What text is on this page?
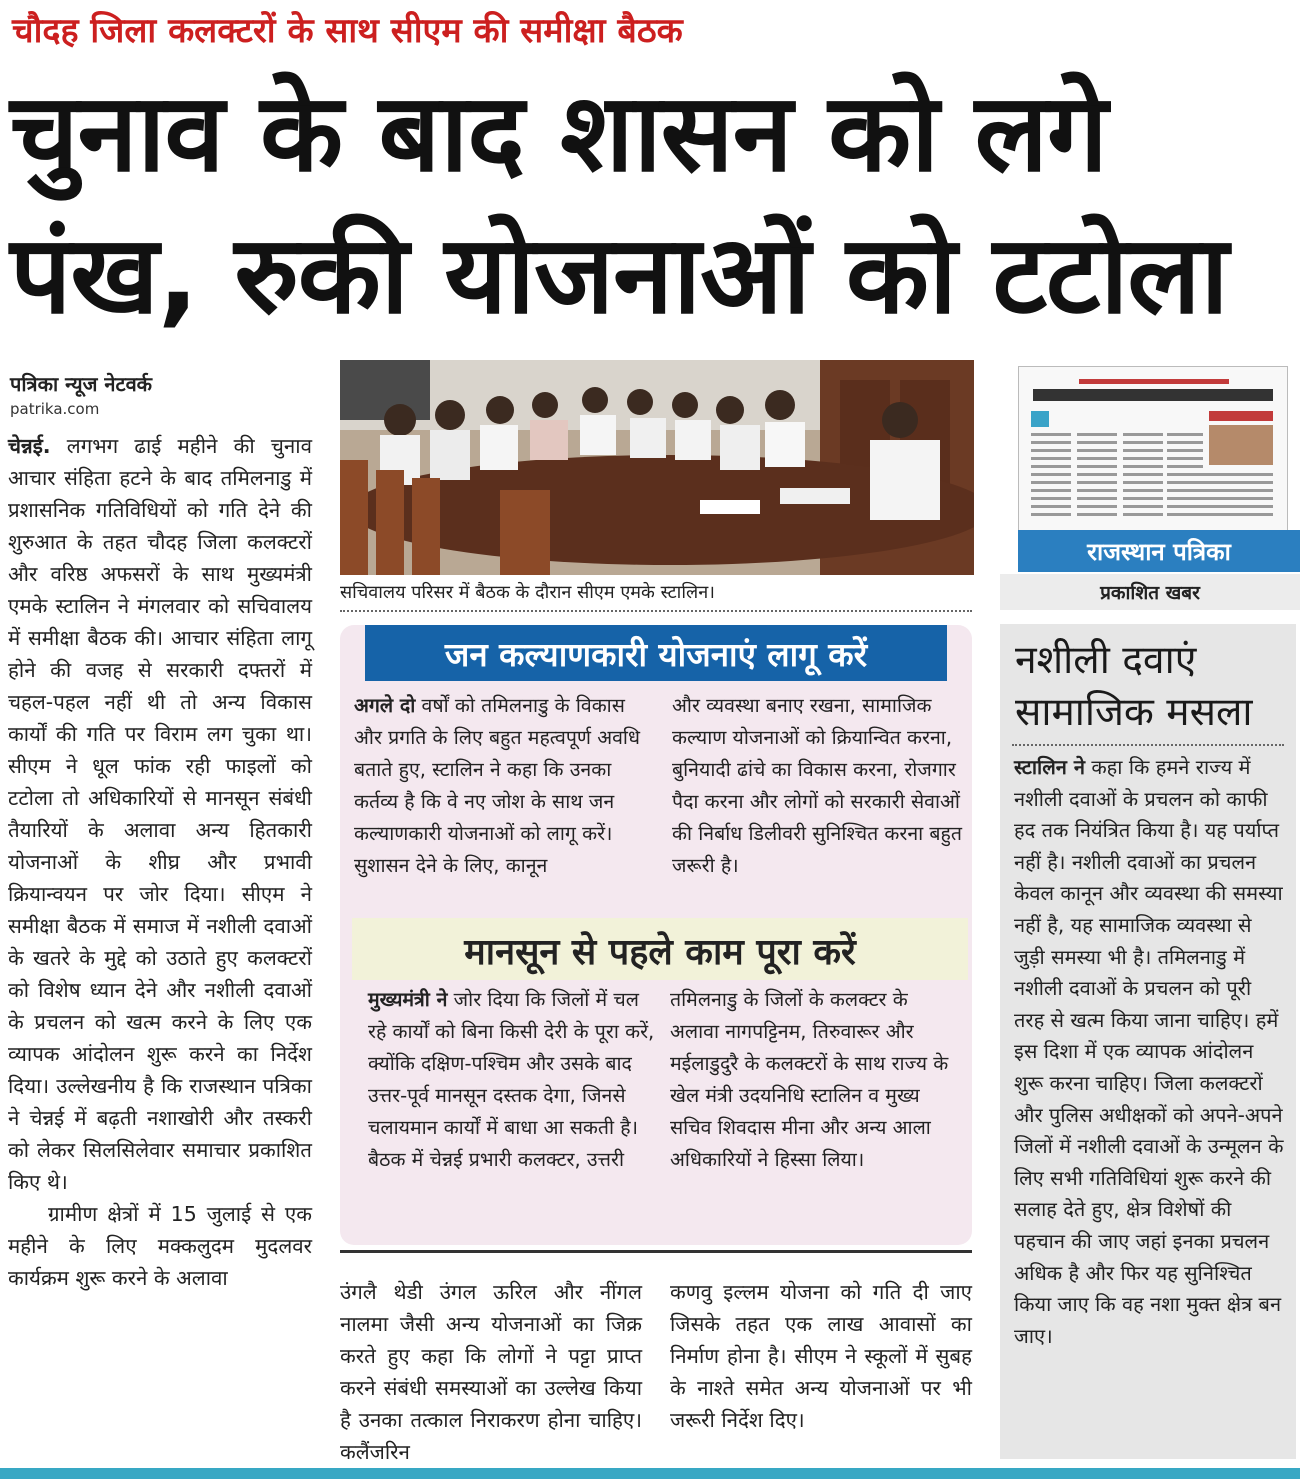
चौदह जिला कलक्टरों के साथ सीएम की समीक्षा बैठक
चुनाव के बाद शासन को लगे
पंख, रुकी योजनाओं को टटोला
पत्रिका न्यूज नेटवर्क
patrika.com

चेन्नई. लगभग ढाई महीने की चुनाव आचार संहिता हटने के बाद तमिलनाडु में प्रशासनिक गतिविधियों को गति देने की शुरुआत के तहत चौदह जिला कलक्टरों और वरिष्ठ अफसरों के साथ मुख्यमंत्री एमके स्टालिन ने मंगलवार को सचिवालय में समीक्षा बैठक की। आचार संहिता लागू होने की वजह से सरकारी दफ्तरों में चहल-पहल नहीं थी तो अन्य विकास कार्यों की गति पर विराम लग चुका था। सीएम ने धूल फांक रही फाइलों को टटोला तो अधिकारियों से मानसून संबंधी तैयारियों के अलावा अन्य हितकारी योजनाओं के शीघ्र और प्रभावी क्रियान्वयन पर जोर दिया। सीएम ने समीक्षा बैठक में समाज में नशीली दवाओं के खतरे के मुद्दे को उठाते हुए कलक्टरों को विशेष ध्यान देने और नशीली दवाओं के प्रचलन को खत्म करने के लिए एक व्यापक आंदोलन शुरू करने का निर्देश दिया। उल्लेखनीय है कि राजस्थान पत्रिका ने चेन्नई में बढ़ती नशाखोरी और तस्करी को लेकर सिलसिलेवार समाचार प्रकाशित किए थे।

ग्रामीण क्षेत्रों में 15 जुलाई से एक महीने के लिए मक्कलुदम मुदलवर कार्यक्रम शुरू करने के अलावा

सचिवालय परिसर में बैठक के दौरान सीएम एमके स्टालिन।
जन कल्याणकारी योजनाएं लागू करें
अगले दो वर्षों को तमिलनाडु के विकास और प्रगति के लिए बहुत महत्वपूर्ण अवधि बताते हुए, स्टालिन ने कहा कि उनका कर्तव्य है कि वे नए जोश के साथ जन कल्याणकारी योजनाओं को लागू करें। सुशासन देने के लिए, कानून
और व्यवस्था बनाए रखना, सामाजिक कल्याण योजनाओं को क्रियान्वित करना, बुनियादी ढांचे का विकास करना, रोजगार पैदा करना और लोगों को सरकारी सेवाओं की निर्बाध डिलीवरी सुनिश्चित करना बहुत जरूरी है।
मानसून से पहले काम पूरा करें
मुख्यमंत्री ने जोर दिया कि जिलों में चल रहे कार्यों को बिना किसी देरी के पूरा करें, क्योंकि दक्षिण-पश्चिम और उसके बाद उत्तर-पूर्व मानसून दस्तक देगा, जिनसे चलायमान कार्यों में बाधा आ सकती है। बैठक में चेन्नई प्रभारी कलक्टर, उत्तरी
तमिलनाडु के जिलों के कलक्टर के अलावा नागपट्टिनम, तिरुवारूर और मईलाडुदुरै के कलक्टरों के साथ राज्य के खेल मंत्री उदयनिधि स्टालिन व मुख्य सचिव शिवदास मीना और अन्य आला अधिकारियों ने हिस्सा लिया।
उंगलै थेडी उंगल ऊरिल और नींगल नालमा जैसी अन्य योजनाओं का जिक्र करते हुए कहा कि लोगों ने पट्टा प्राप्त करने संबंधी समस्याओं का उल्लेख किया है उनका तत्काल निराकरण होना चाहिए। कलैंजरिन
कणवु इल्लम योजना को गति दी जाए जिसके तहत एक लाख आवासों का निर्माण होना है। सीएम ने स्कूलों में सुबह के नाश्ते समेत अन्य योजनाओं पर भी जरूरी निर्देश दिए।
राजस्थान पत्रिका
प्रकाशित खबर
नशीली दवाएं सामाजिक मसला
स्टालिन ने कहा कि हमने राज्य में नशीली दवाओं के प्रचलन को काफी हद तक नियंत्रित किया है। यह पर्याप्त नहीं है। नशीली दवाओं का प्रचलन केवल कानून और व्यवस्था की समस्या नहीं है, यह सामाजिक व्यवस्था से जुड़ी समस्या भी है। तमिलनाडु में नशीली दवाओं के प्रचलन को पूरी तरह से खत्म किया जाना चाहिए। हमें इस दिशा में एक व्यापक आंदोलन शुरू करना चाहिए। जिला कलक्टरों और पुलिस अधीक्षकों को अपने-अपने जिलों में नशीली दवाओं के उन्मूलन के लिए सभी गतिविधियां शुरू करने की सलाह देते हुए, क्षेत्र विशेषों की पहचान की जाए जहां इनका प्रचलन अधिक है और फिर यह सुनिश्चित किया जाए कि वह नशा मुक्त क्षेत्र बन जाए।
